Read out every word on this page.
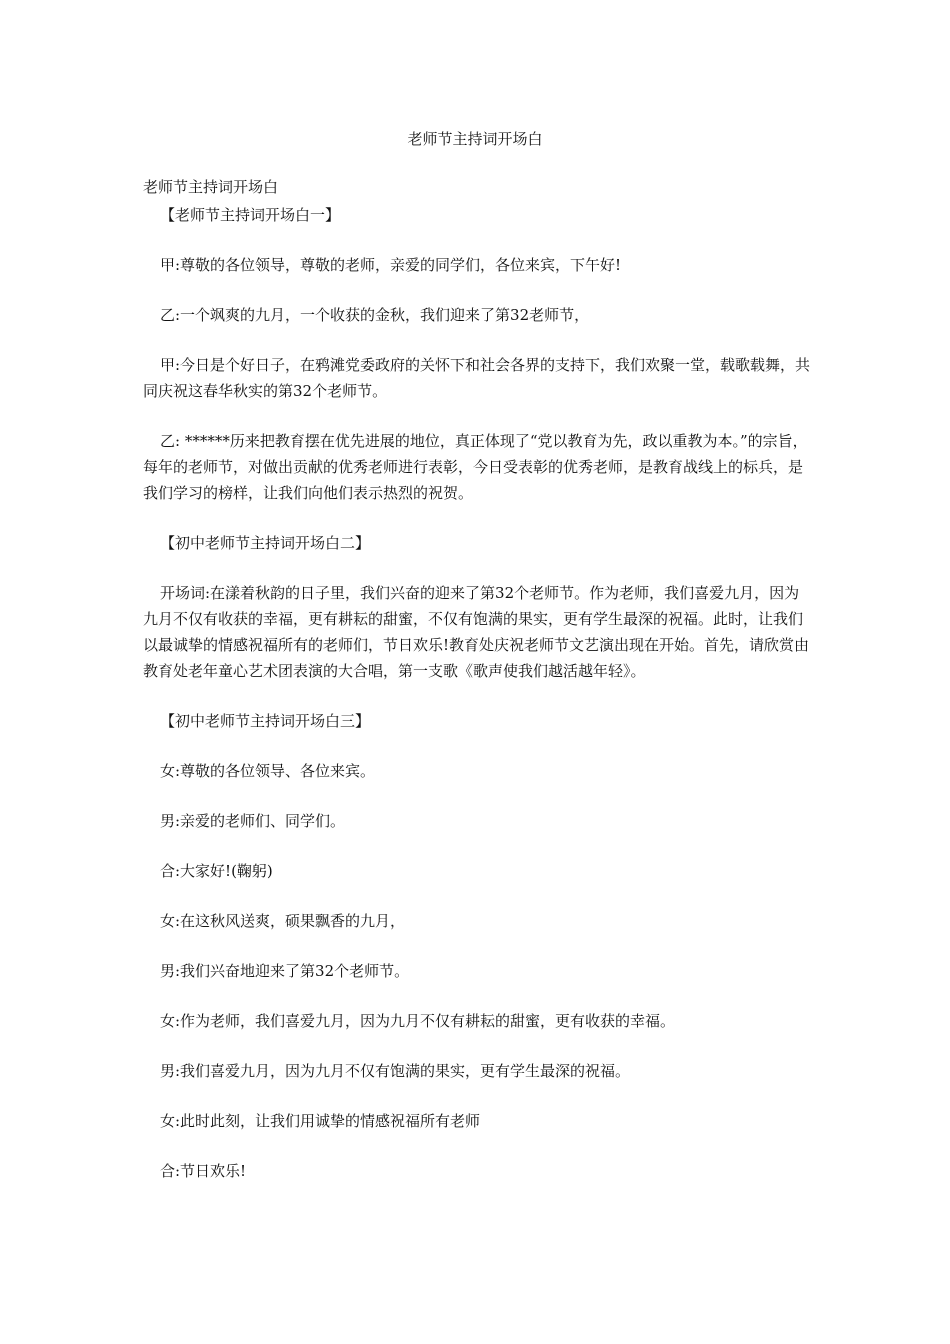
老师节主持词开场白
老师节主持词开场白

【老师节主持词开场白一】

甲:尊敬的各位领导，尊敬的老师，亲爱的同学们，各位来宾，下午好!

乙:一个飒爽的九月，一个收获的金秋，我们迎来了第32老师节，

甲:今日是个好日子，在鸦滩党委政府的关怀下和社会各界的支持下，我们欢聚一堂，载歌载舞，共同庆祝这春华秋实的第32个老师节。

乙: ******历来把教育摆在优先进展的地位，真正体现了“党以教育为先，政以重教为本。”的宗旨，每年的老师节，对做出贡献的优秀老师进行表彰，今日受表彰的优秀老师，是教育战线上的标兵，是我们学习的榜样，让我们向他们表示热烈的祝贺。

【初中老师节主持词开场白二】

开场词:在漾着秋韵的日子里，我们兴奋的迎来了第32个老师节。作为老师，我们喜爱九月，因为九月不仅有收获的幸福，更有耕耘的甜蜜，不仅有饱满的果实，更有学生最深的祝福。此时，让我们以最诚挚的情感祝福所有的老师们，节日欢乐!教育处庆祝老师节文艺演出现在开始。首先，请欣赏由教育处老年童心艺术团表演的大合唱，第一支歌《歌声使我们越活越年轻》。

【初中老师节主持词开场白三】

女:尊敬的各位领导、各位来宾。

男:亲爱的老师们、同学们。

合:大家好!(鞠躬)

女:在这秋风送爽，硕果飘香的九月，

男:我们兴奋地迎来了第32个老师节。

女:作为老师，我们喜爱九月，因为九月不仅有耕耘的甜蜜，更有收获的幸福。

男:我们喜爱九月，因为九月不仅有饱满的果实，更有学生最深的祝福。

女:此时此刻，让我们用诚挚的情感祝福所有老师

合:节日欢乐!
